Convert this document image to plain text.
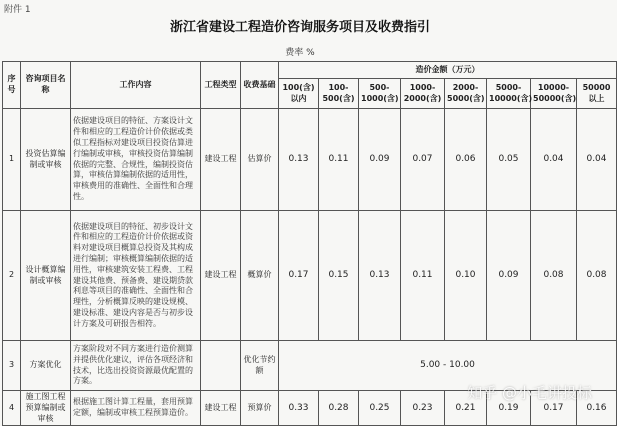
附件 1
浙江省建设工程造价咨询服务项目及收费指引
费率 %
序号	咨询项目名称	工作内容	工程类型	收费基础	造价金额（万元）							
					100(含)以内	100-500(含)	500-1000(含)	1000-2000(含)	2000-5000(含)	5000-10000(含)	10000-50000(含)	50000以上
1	投资估算编制或审核	依据建设项目的特征、方案设计文件和相应的工程造价计价依据或类似工程指标对建设项目投资估算进行编制或审核，审核投资估算编制依据的完整、合规性，编制投资估算，审核估算编制依据的适用性，审核费用的准确性、全面性和合理性。	建设工程	估算价	0.13	0.11	0.09	0.07	0.06	0.05	0.04	0.04
2	设计概算编制或审核	依据建设项目的特征、初步设计文件和相应的工程造价计价依据或资料对建设项目概算总投资及其构成进行编制；审核概算编制依据的适用性，审核建筑安装工程费、工程建设其他费、预备费、建设期贷款利息等项目的准确性、全面性和合理性，分析概算反映的建设规模、建设标准、建设内容是否与初步设计方案及可研报告相符。	建设工程	概算价	0.17	0.15	0.13	0.11	0.10	0.09	0.08	0.08
3	方案优化	方案阶段对不同方案进行造价测算并提供优化建议，评估各项经济和技术，比选出投资资源最优配置的方案。		优化节约额	5.00 - 10.00							
4	施工图工程预算编制或审核	根据施工图计算工程量，套用预算定额，编制或审核工程预算造价。	建设工程	预算价	0.33	0.28	0.25	0.23	0.21	0.19	0.17	0.16
知乎 @小毛讲投标
